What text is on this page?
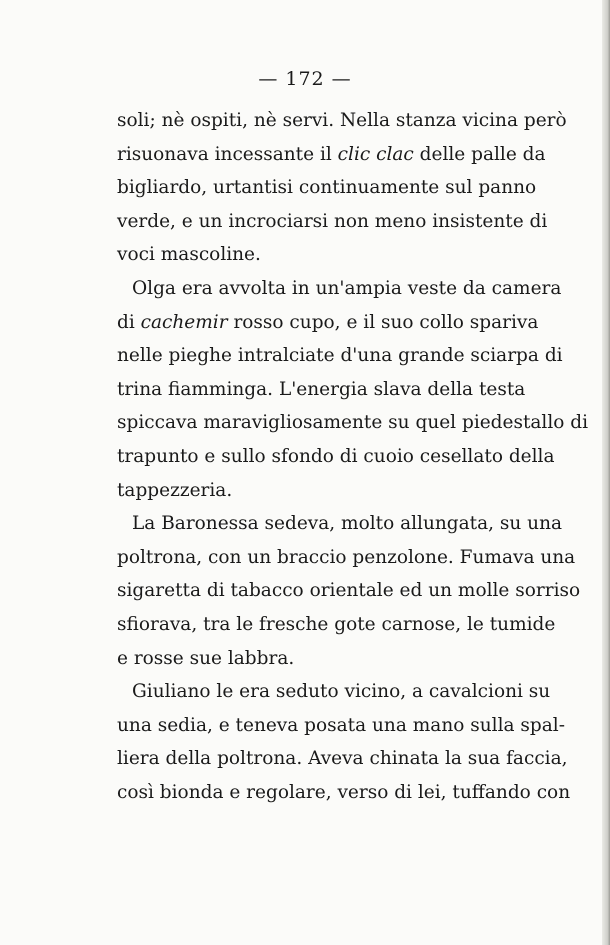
— 172 —

soli; nè ospiti, nè servi. Nella stanza vicina però
risuonava incessante il clic clac delle palle da
bigliardo, urtantisi continuamente sul panno
verde, e un incrociarsi non meno insistente di
voci mascoline.

Olga era avvolta in un'ampia veste da camera
di cachemir rosso cupo, e il suo collo spariva
nelle pieghe intralciate d'una grande sciarpa di
trina fiamminga. L'energia slava della testa
spiccava maravigliosamente su quel piedestallo di
trapunto e sullo sfondo di cuoio cesellato della
tappezzeria.

La Baronessa sedeva, molto allungata, su una
poltrona, con un braccio penzolone. Fumava una
sigaretta di tabacco orientale ed un molle sorriso
sfiorava, tra le fresche gote carnose, le tumide
e rosse sue labbra.

Giuliano le era seduto vicino, a cavalcioni su
una sedia, e teneva posata una mano sulla spal-
liera della poltrona. Aveva chinata la sua faccia,
così bionda e regolare, verso di lei, tuffando con
